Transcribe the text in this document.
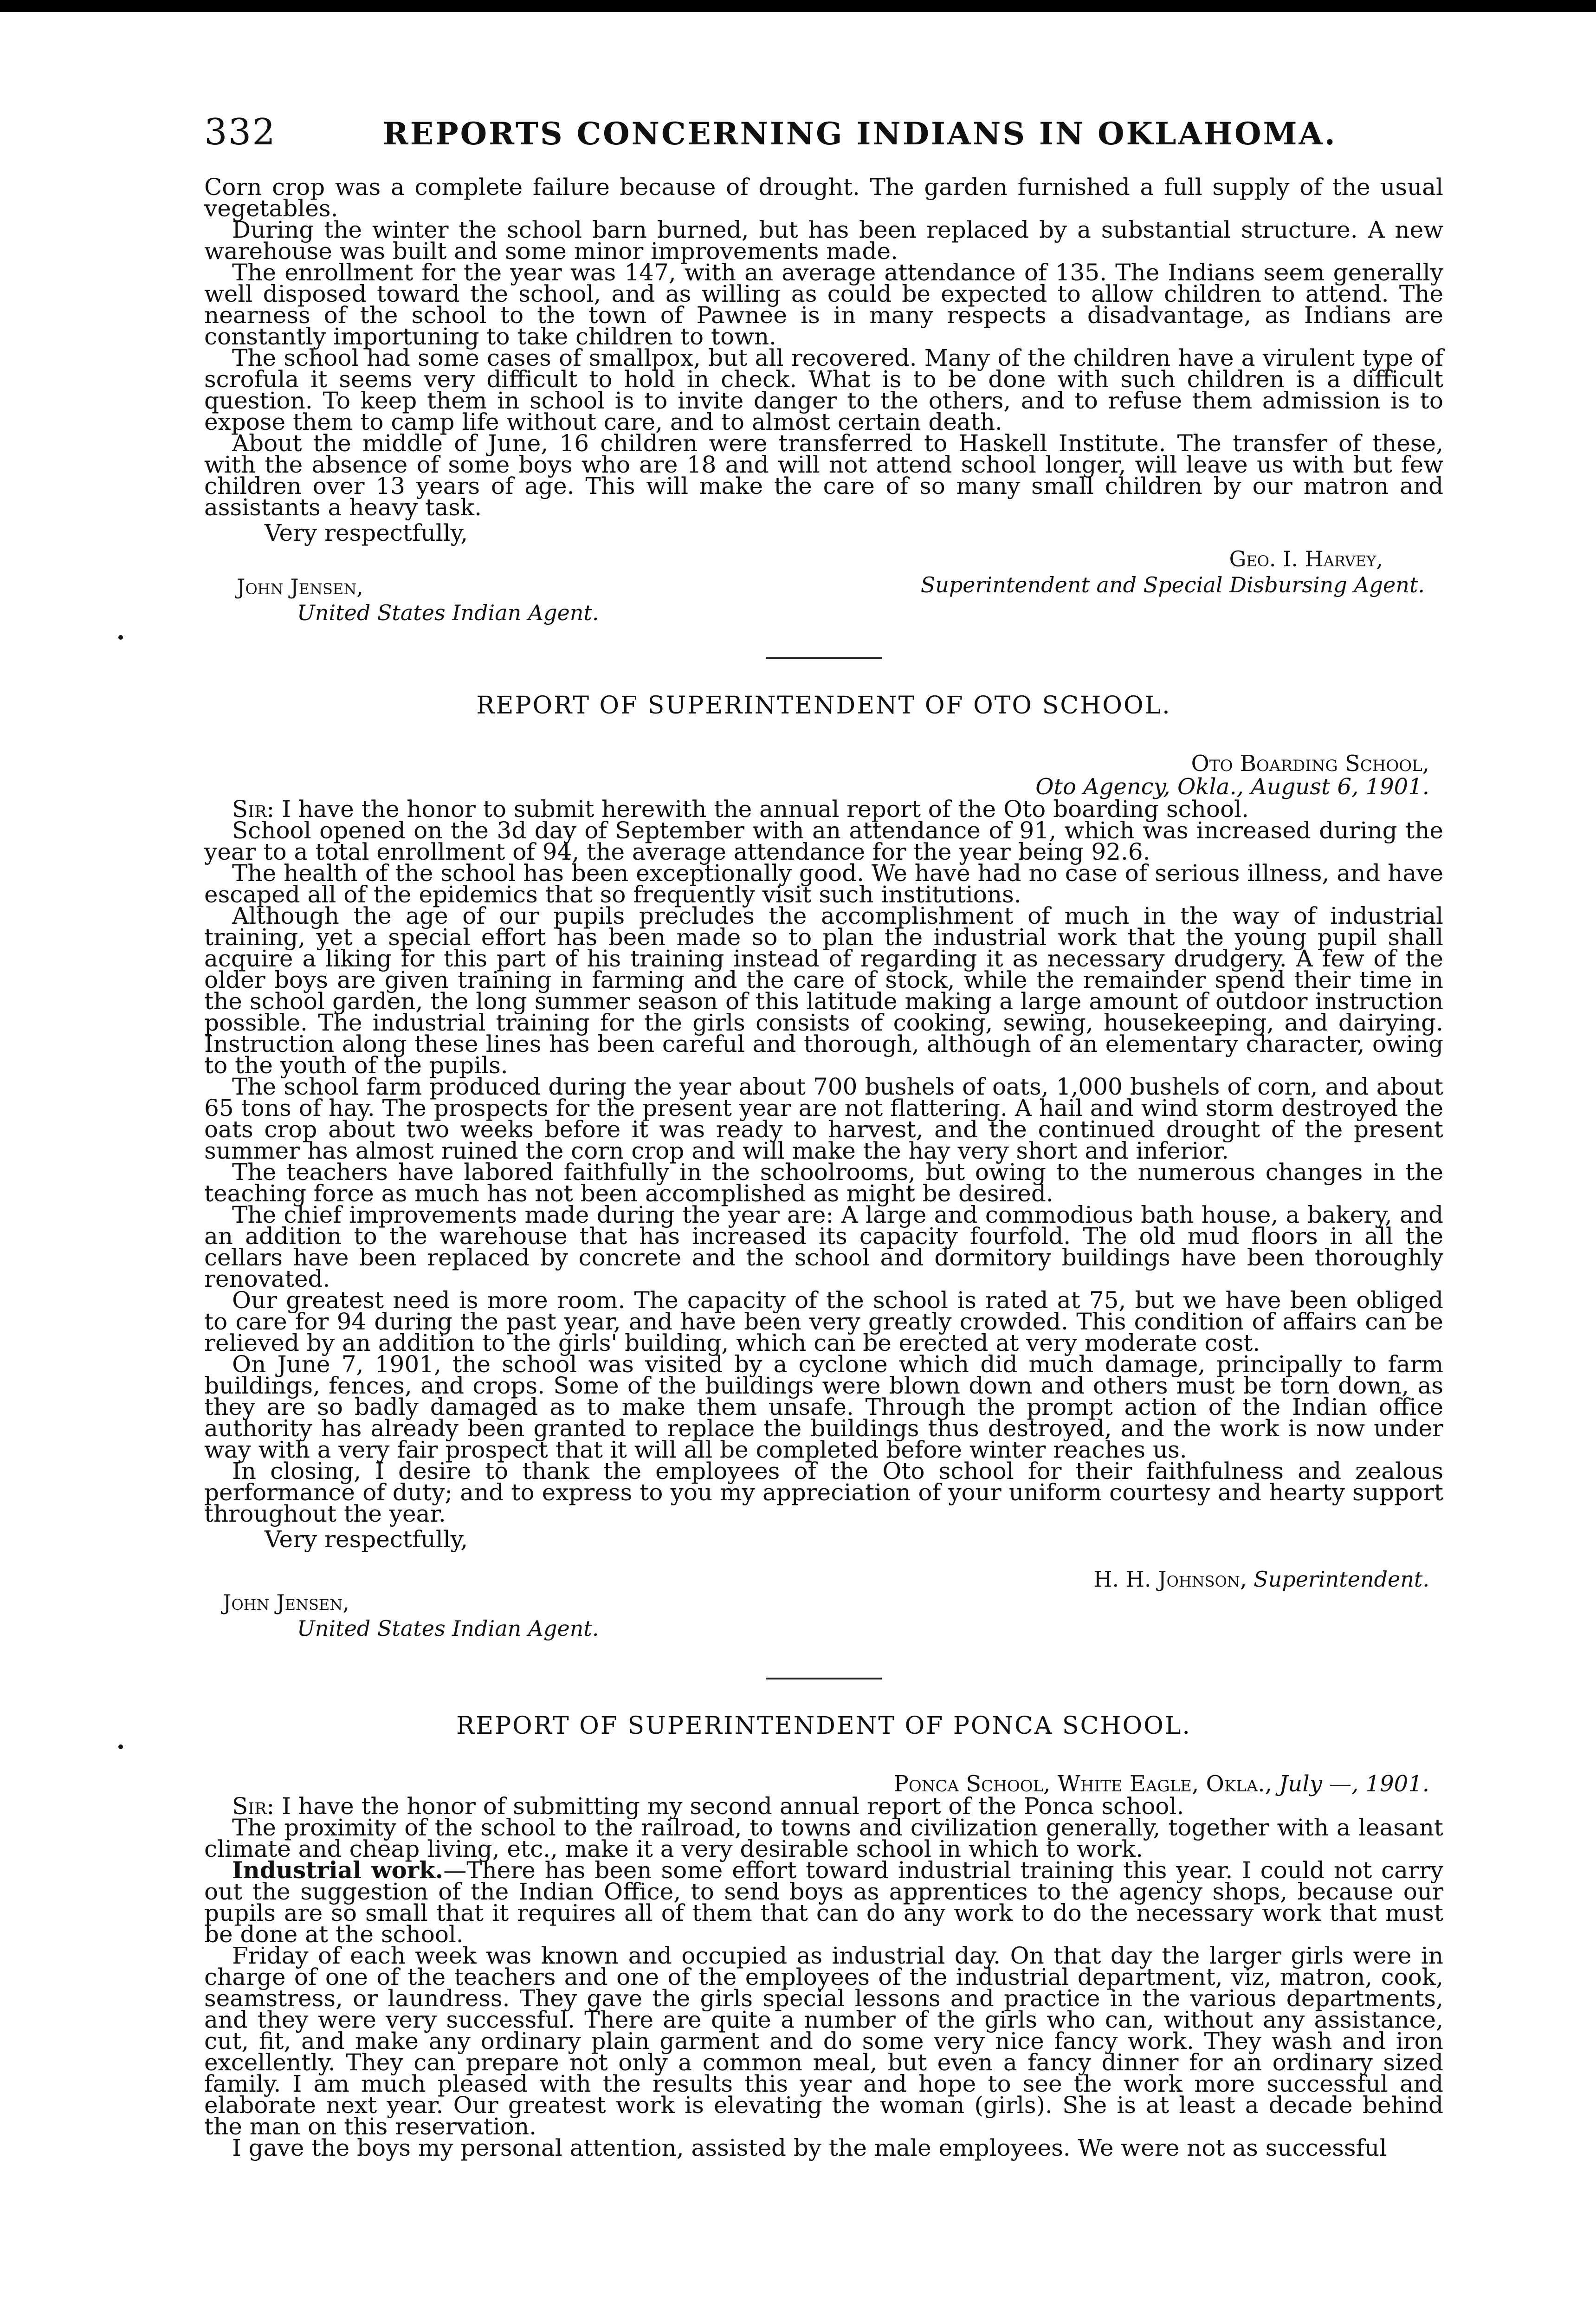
332	REPORTS CONCERNING INDIANS IN OKLAHOMA.

Corn crop was a complete failure because of drought. The garden furnished a full supply of the usual vegetables.

During the winter the school barn burned, but has been replaced by a substantial structure. A new warehouse was built and some minor improvements made.

The enrollment for the year was 147, with an average attendance of 135. The Indians seem generally well disposed toward the school, and as willing as could be expected to allow children to attend. The nearness of the school to the town of Pawnee is in many respects a disadvantage, as Indians are constantly importuning to take children to town.

The school had some cases of smallpox, but all recovered. Many of the children have a virulent type of scrofula it seems very difficult to hold in check. What is to be done with such children is a difficult question. To keep them in school is to invite danger to the others, and to refuse them admission is to expose them to camp life without care, and to almost certain death.

About the middle of June, 16 children were transferred to Haskell Institute. The transfer of these, with the absence of some boys who are 18 and will not attend school longer, will leave us with but few children over 13 years of age. This will make the care of so many small children by our matron and assistants a heavy task.

Very respectfully,
John Jensen,
United States Indian Agent.
Geo. I. Harvey,
Superintendent and Special Disbursing Agent.
REPORT OF SUPERINTENDENT OF OTO SCHOOL.
Oto Boarding School,
Oto Agency, Okla., August 6, 1901.

Sir: I have the honor to submit herewith the annual report of the Oto boarding school.

School opened on the 3d day of September with an attendance of 91, which was increased during the year to a total enrollment of 94, the average attendance for the year being 92.6.

The health of the school has been exceptionally good. We have had no case of serious illness, and have escaped all of the epidemics that so frequently visit such institutions.

Although the age of our pupils precludes the accomplishment of much in the way of industrial training, yet a special effort has been made so to plan the industrial work that the young pupil shall acquire a liking for this part of his training instead of regarding it as necessary drudgery. A few of the older boys are given training in farming and the care of stock, while the remainder spend their time in the school garden, the long summer season of this latitude making a large amount of outdoor instruction possible. The industrial training for the girls consists of cooking, sewing, housekeeping, and dairying. Instruction along these lines has been careful and thorough, although of an elementary character, owing to the youth of the pupils.

The school farm produced during the year about 700 bushels of oats, 1,000 bushels of corn, and about 65 tons of hay. The prospects for the present year are not flattering. A hail and wind storm destroyed the oats crop about two weeks before it was ready to harvest, and the continued drought of the present summer has almost ruined the corn crop and will make the hay very short and inferior.

The teachers have labored faithfully in the schoolrooms, but owing to the numerous changes in the teaching force as much has not been accomplished as might be desired.

The chief improvements made during the year are: A large and commodious bath house, a bakery, and an addition to the warehouse that has increased its capacity fourfold. The old mud floors in all the cellars have been replaced by concrete and the school and dormitory buildings have been thoroughly renovated.

Our greatest need is more room. The capacity of the school is rated at 75, but we have been obliged to care for 94 during the past year, and have been very greatly crowded. This condition of affairs can be relieved by an addition to the girls' building, which can be erected at very moderate cost.

On June 7, 1901, the school was visited by a cyclone which did much damage, principally to farm buildings, fences, and crops. Some of the buildings were blown down and others must be torn down, as they are so badly damaged as to make them unsafe. Through the prompt action of the Indian office authority has already been granted to replace the buildings thus destroyed, and the work is now under way with a very fair prospect that it will all be completed before winter reaches us.

In closing, I desire to thank the employees of the Oto school for their faithfulness and zealous performance of duty; and to express to you my appreciation of your uniform courtesy and hearty support throughout the year.

Very respectfully,
John Jensen,
United States Indian Agent.
H. H. Johnson, Superintendent.
REPORT OF SUPERINTENDENT OF PONCA SCHOOL.
Ponca School, White Eagle, Okla., July —, 1901.

Sir: I have the honor of submitting my second annual report of the Ponca school.

The proximity of the school to the railroad, to towns and civilization generally, together with a leasant climate and cheap living, etc., make it a very desirable school in which to work.

Industrial work.—There has been some effort toward industrial training this year. I could not carry out the suggestion of the Indian Office, to send boys as apprentices to the agency shops, because our pupils are so small that it requires all of them that can do any work to do the necessary work that must be done at the school.

Friday of each week was known and occupied as industrial day. On that day the larger girls were in charge of one of the teachers and one of the employees of the industrial department, viz, matron, cook, seamstress, or laundress. They gave the girls special lessons and practice in the various departments, and they were very successful. There are quite a number of the girls who can, without any assistance, cut, fit, and make any ordinary plain garment and do some very nice fancy work. They wash and iron excellently. They can prepare not only a common meal, but even a fancy dinner for an ordinary sized family. I am much pleased with the results this year and hope to see the work more successful and elaborate next year. Our greatest work is elevating the woman (girls). She is at least a decade behind the man on this reservation.

I gave the boys my personal attention, assisted by the male employees. We were not as successful
